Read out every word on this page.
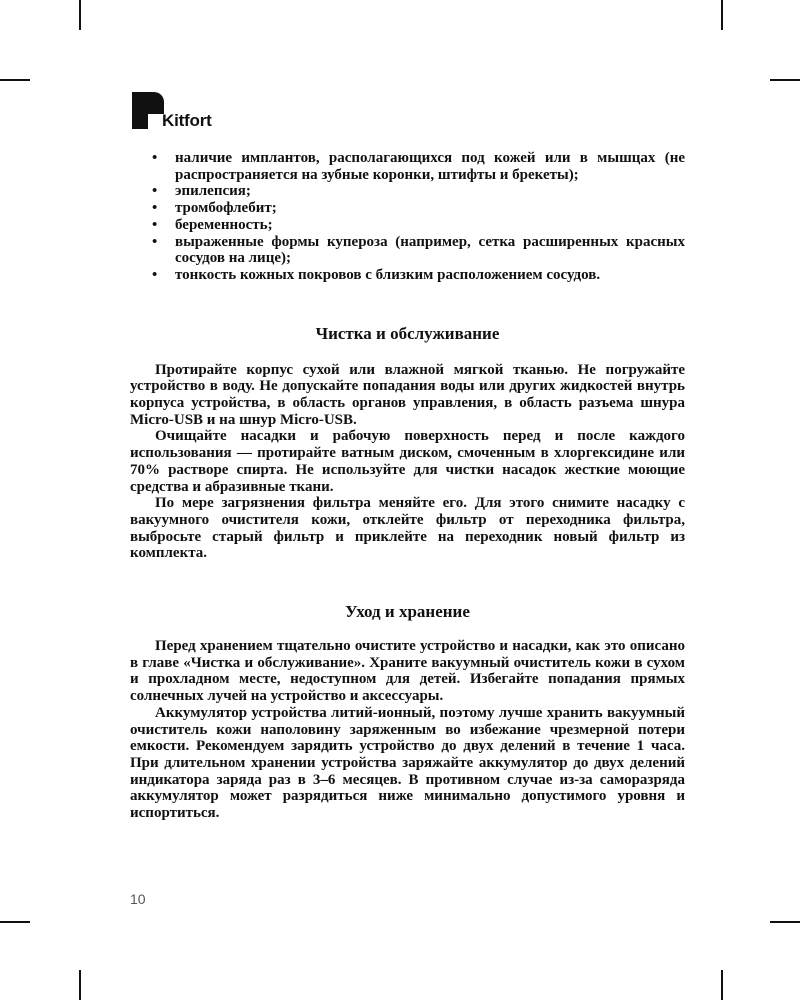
Kitfort
• наличие имплантов, располагающихся под кожей или в мышцах (не распространяется на зубные коронки, штифты и брекеты);
• эпилепсия;
• тромбофлебит;
• беременность;
• выраженные формы купероза (например, сетка расширенных красных сосудов на лице);
• тонкость кожных покровов с близким расположением сосудов.
Чистка и обслуживание

Протирайте корпус сухой или влажной мягкой тканью. Не погружайте устройство в воду. Не допускайте попадания воды или других жидкостей внутрь корпуса устройства, в область органов управления, в область разъема шнура Micro-USB и на шнур Micro-USB.

Очищайте насадки и рабочую поверхность перед и после каждого использования — протирайте ватным диском, смоченным в хлоргексидине или 70% растворе спирта. Не используйте для чистки насадок жесткие моющие средства и абразивные ткани.

По мере загрязнения фильтра меняйте его. Для этого снимите насадку с вакуумного очистителя кожи, отклейте фильтр от переходника фильтра, выбросьте старый фильтр и приклейте на переходник новый фильтр из комплекта.

Уход и хранение

Перед хранением тщательно очистите устройство и насадки, как это описано в главе «Чистка и обслуживание». Храните вакуумный очиститель кожи в сухом и прохладном месте, недоступном для детей. Избегайте попадания прямых солнечных лучей на устройство и аксессуары.

Аккумулятор устройства литий-ионный, поэтому лучше хранить вакуумный очиститель кожи наполовину заряженным во избежание чрезмерной потери емкости. Рекомендуем зарядить устройство до двух делений в течение 1 часа. При длительном хранении устройства заряжайте аккумулятор до двух делений индикатора заряда раз в 3–6 месяцев. В противном случае из-за саморазряда аккумулятор может разрядиться ниже минимально допустимого уровня и испортиться.

10
